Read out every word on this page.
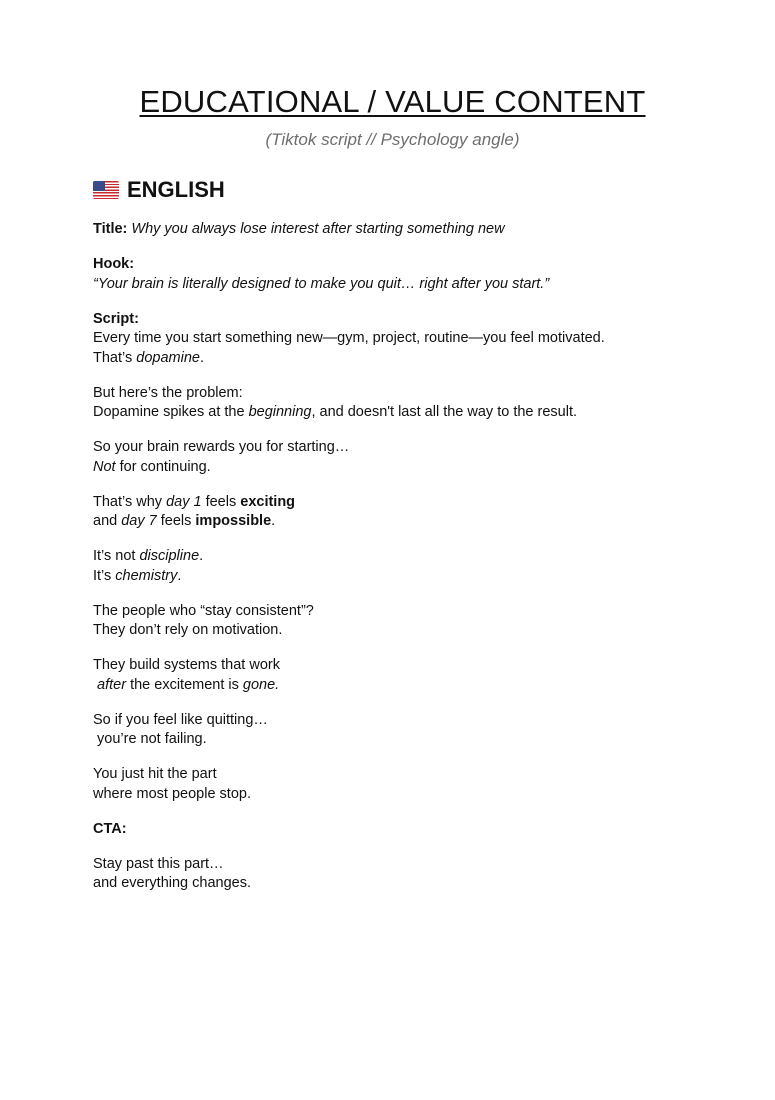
EDUCATIONAL / VALUE CONTENT
(Tiktok script // Psychology angle)
ENGLISH
Title: Why you always lose interest after starting something new
Hook:
“Your brain is literally designed to make you quit… right after you start.”
Script:
Every time you start something new—gym, project, routine—you feel motivated.
That’s dopamine.
But here’s the problem:
Dopamine spikes at the beginning, and doesn't last all the way to the result.
So your brain rewards you for starting…
Not for continuing.
That’s why day 1 feels exciting
and day 7 feels impossible.
It’s not discipline.
It’s chemistry.
The people who “stay consistent”?
They don’t rely on motivation.
They build systems that work
after the excitement is gone.
So if you feel like quitting…
you’re not failing.
You just hit the part
where most people stop.
CTA:
Stay past this part…
and everything changes.
